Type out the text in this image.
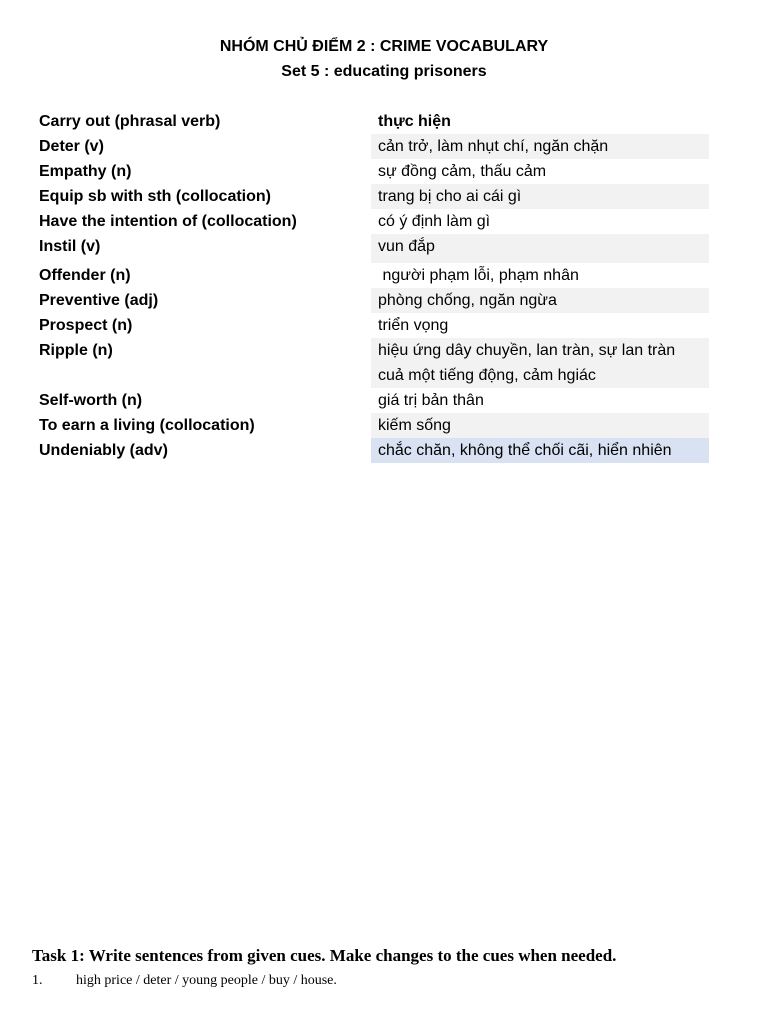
NHÓM CHỦ ĐIỂM 2 : CRIME VOCABULARY
Set 5 : educating prisoners
Carry out (phrasal verb)	thực hiện
Deter (v)	cản trở, làm nhụt chí, ngăn chặn
Empathy (n)	sự đồng cảm, thấu cảm
Equip sb with sth (collocation)	trang bị cho ai cái gì
Have the intention of (collocation)	có ý định làm gì
Instil (v)	vun đắp
Offender (n)	người phạm lỗi, phạm nhân
Preventive (adj)	phòng chống, ngăn ngừa
Prospect (n)	triển vọng
Ripple (n)	hiệu ứng dây chuyền, lan tràn, sự lan tràn cuả một tiếng động, cảm hgiác
Self-worth (n)	giá trị bản thân
To earn a living (collocation)	kiếm sống
Undeniably (adv)	chắc chăn, không thể chối cãi, hiển nhiên
Task 1: Write sentences from given cues. Make changes to the cues when needed.
1. high price / deter / young people / buy / house.
